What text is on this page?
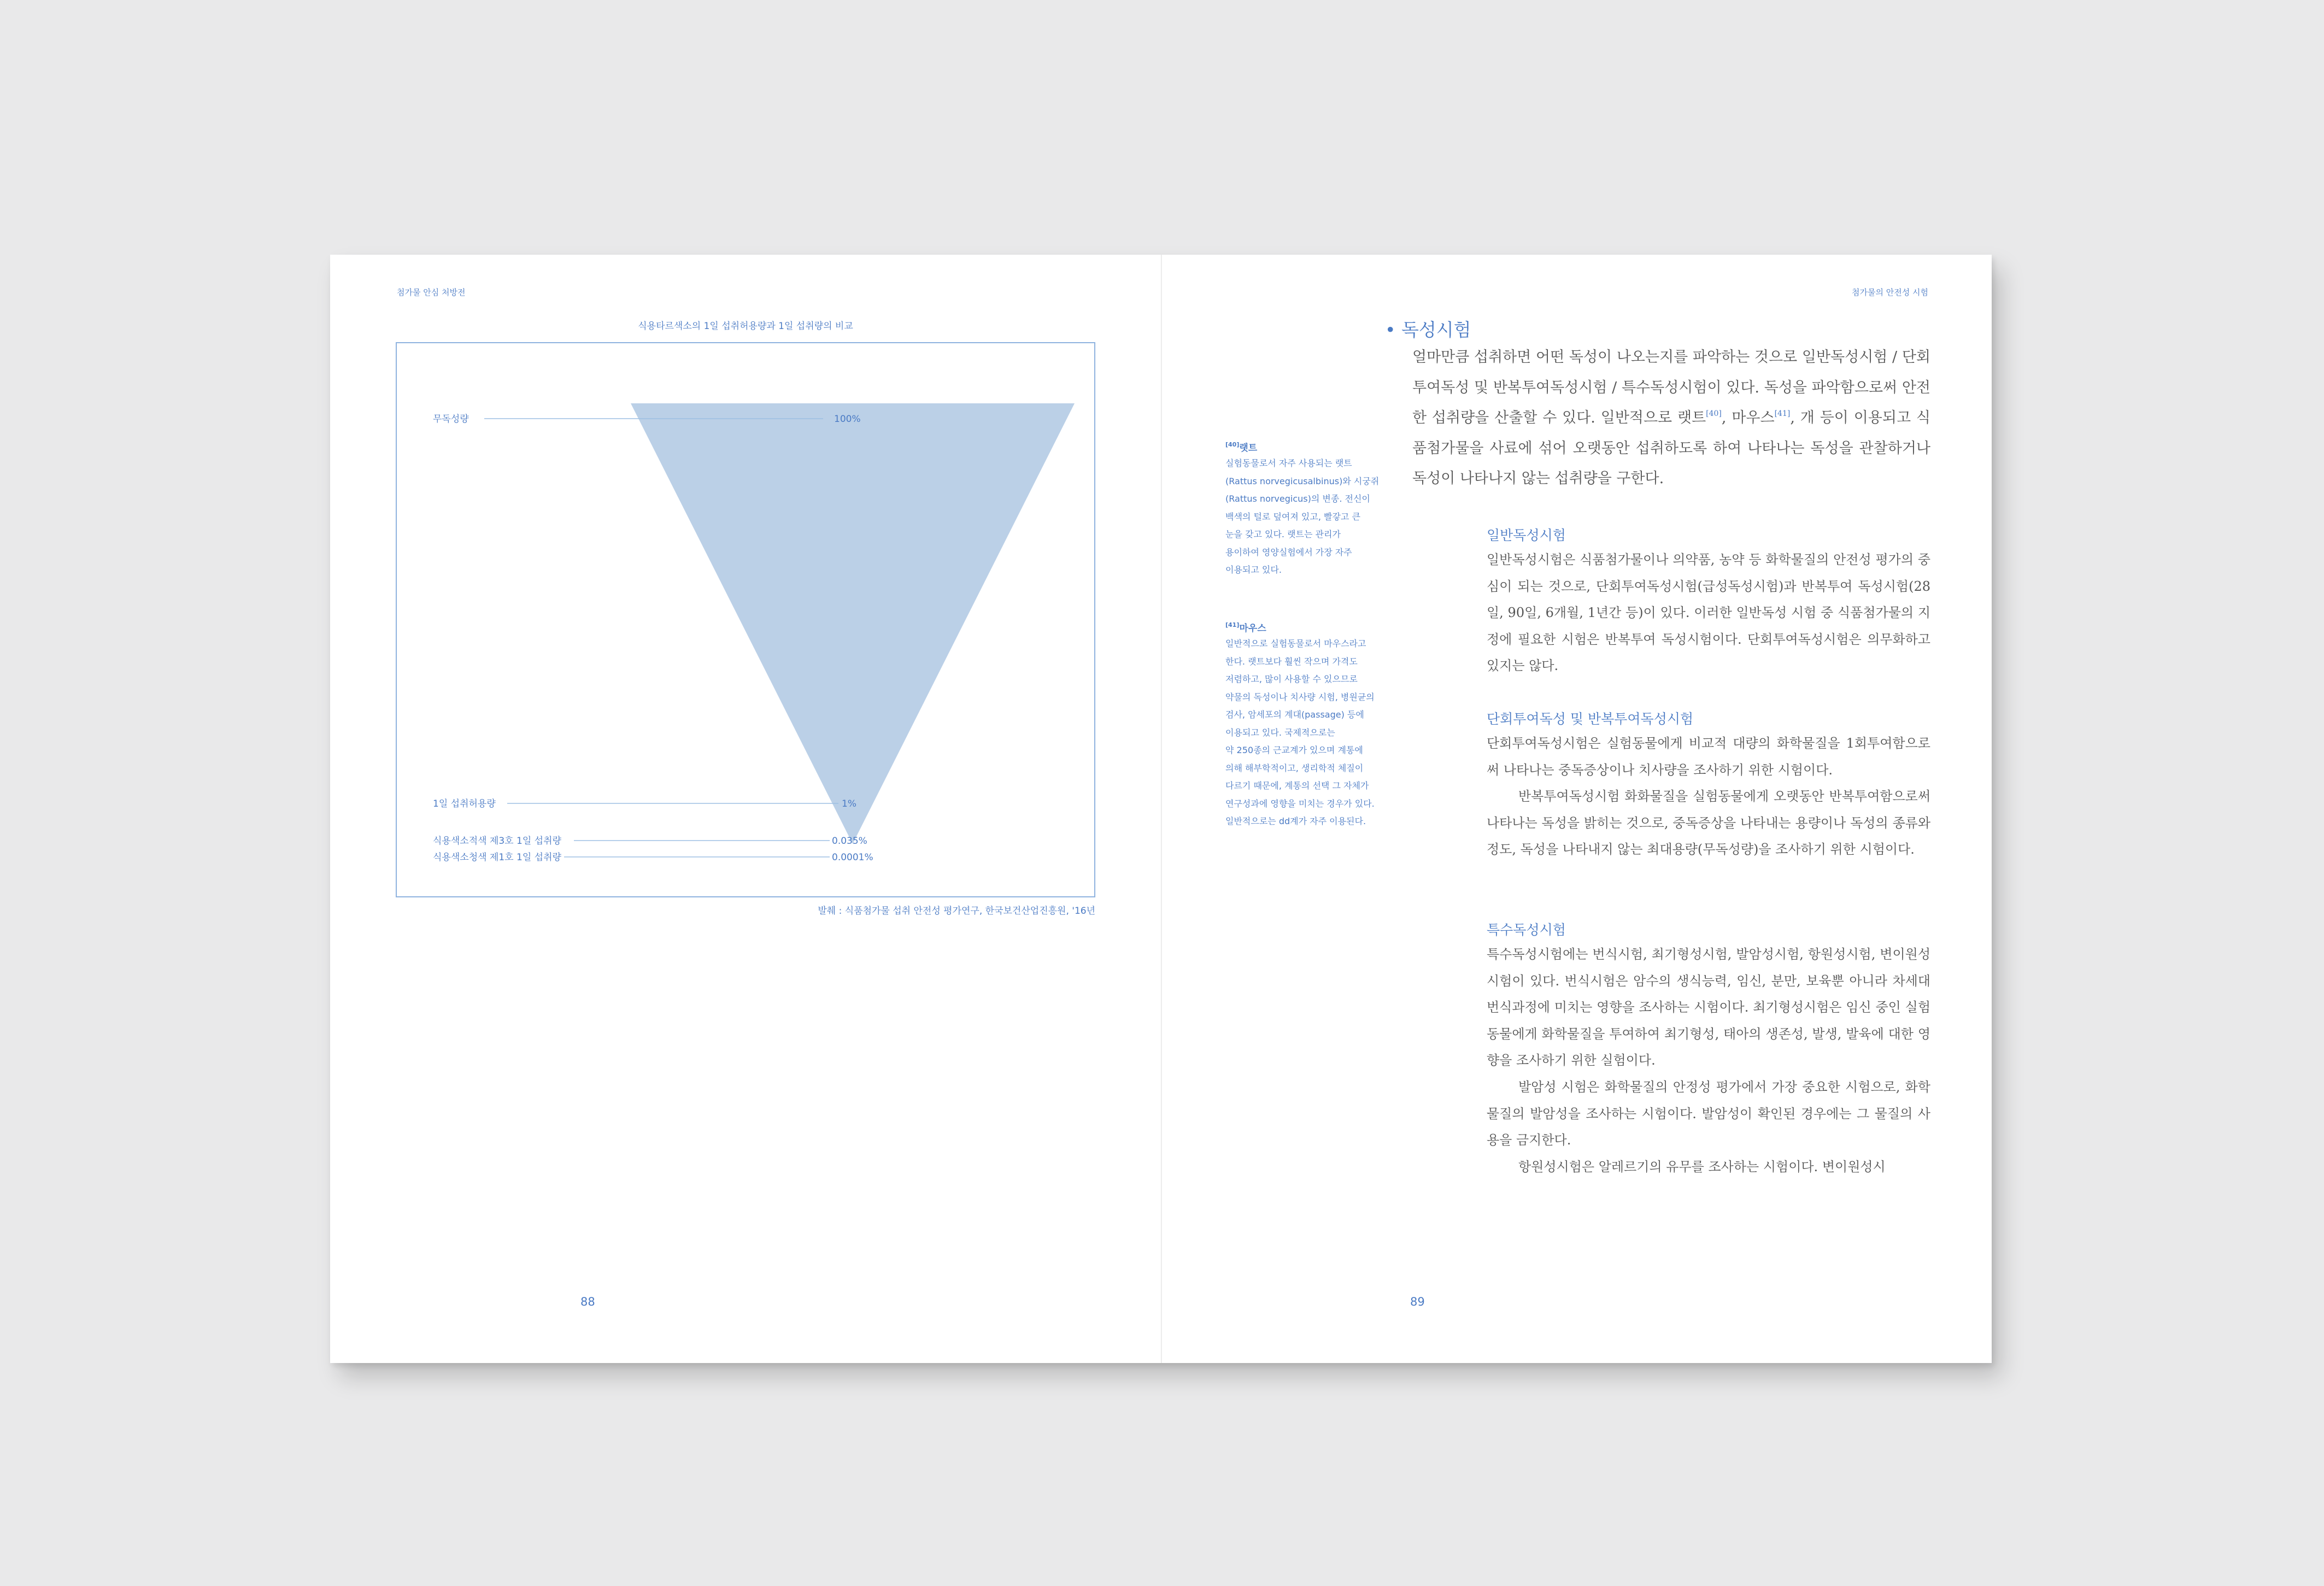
첨가물 안심 처방전
식용타르색소의 1일 섭취허용량과 1일 섭취량의 비교
무독성량	100%
1일 섭취허용량	1%
식용색소적색 제3호 1일 섭취량	0.035%
식용색소청색 제1호 1일 섭취량	0.0001%
발췌 : 식품첨가물 섭취 안전성 평가연구, 한국보건산업진흥원, '16년
88
첨가물의 안전성 시험
[40]랫트
실험동물로서 자주 사용되는 랫트
(Rattus norvegicusalbinus)와 시궁쥐
(Rattus norvegicus)의 변종. 전신이
백색의 털로 덮여져 있고, 빨갛고 큰
눈을 갖고 있다. 랫트는 관리가
용이하여 영양실험에서 가장 자주
이용되고 있다.
[41]마우스
일반적으로 실험동물로서 마우스라고
한다. 랫트보다 훨씬 작으며 가격도
저렴하고, 많이 사용할 수 있으므로
약물의 독성이나 치사량 시험, 병원균의
검사, 암세포의 계대(passage) 등에
이용되고 있다. 국제적으로는
약 250종의 근교계가 있으며 계통에
의해 해부학적이고, 생리학적 체질이
다르기 때문에, 계통의 선택 그 자체가
연구성과에 영향을 미치는 경우가 있다.
일반적으로는 dd계가 자주 이용된다.
• 독성시험
얼마만큼 섭취하면 어떤 독성이 나오는지를 파악하는 것으로 일반독성시험 / 단회투여독성 및 반복투여독성시험 / 특수독성시험이 있다. 독성을 파악함으로써 안전한 섭취량을 산출할 수 있다. 일반적으로 랫트[40], 마우스[41], 개 등이 이용되고 식품첨가물을 사료에 섞어 오랫동안 섭취하도록 하여 나타나는 독성을 관찰하거나 독성이 나타나지 않는 섭취량을 구한다.
일반독성시험
일반독성시험은 식품첨가물이나 의약품, 농약 등 화학물질의 안전성 평가의 중심이 되는 것으로, 단회투여독성시험(급성독성시험)과 반복투여 독성시험(28일, 90일, 6개월, 1년간 등)이 있다. 이러한 일반독성 시험 중 식품첨가물의 지정에 필요한 시험은 반복투여 독성시험이다. 단회투여독성시험은 의무화하고 있지는 않다.
단회투여독성 및 반복투여독성시험
단회투여독성시험은 실험동물에게 비교적 대량의 화학물질을 1회투여함으로써 나타나는 중독증상이나 치사량을 조사하기 위한 시험이다.
반복투여독성시험 화화물질을 실험동물에게 오랫동안 반복투여함으로써 나타나는 독성을 밝히는 것으로, 중독증상을 나타내는 용량이나 독성의 종류와 정도, 독성을 나타내지 않는 최대용량(무독성량)을 조사하기 위한 시험이다.
특수독성시험
특수독성시험에는 번식시험, 최기형성시험, 발암성시험, 항원성시험, 변이원성시험이 있다. 번식시험은 암수의 생식능력, 임신, 분만, 보육뿐 아니라 차세대 번식과정에 미치는 영향을 조사하는 시험이다. 최기형성시험은 임신 중인 실험동물에게 화학물질을 투여하여 최기형성, 태아의 생존성, 발생, 발육에 대한 영향을 조사하기 위한 실험이다.
발암성 시험은 화학물질의 안정성 평가에서 가장 중요한 시험으로, 화학물질의 발암성을 조사하는 시험이다. 발암성이 확인된 경우에는 그 물질의 사용을 금지한다.
항원성시험은 알레르기의 유무를 조사하는 시험이다. 변이원성시
89
